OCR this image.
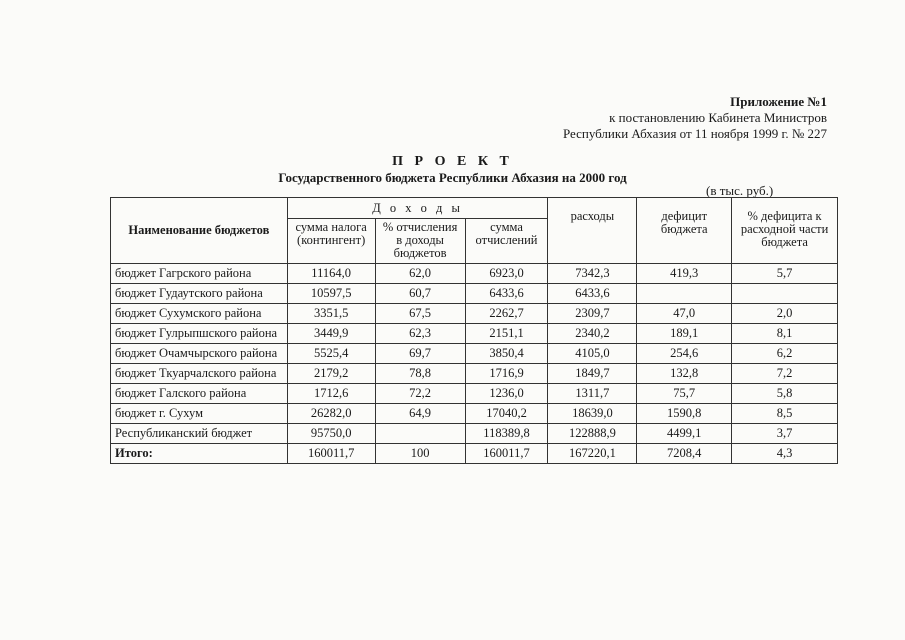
Приложение №1
к постановлению Кабинета Министров
Республики Абхазия от 11 ноября 1999 г. № 227
П Р О Е К Т
Государственного бюджета Республики Абхазия на 2000 год
(в тыс. руб.)
Наименование бюджетов	Д о х о д ы			расходы	дефицит бюджета	% дефицита к расходной части бюджета
	сумма налога (контингент)	% отчисления в доходы бюджетов	сумма отчислений			
бюджет Гагрского района	11164,0	62,0	6923,0	7342,3	419,3	5,7
бюджет Гудаутского района	10597,5	60,7	6433,6	6433,6		
бюджет Сухумского района	3351,5	67,5	2262,7	2309,7	47,0	2,0
бюджет Гулрыпшского района	3449,9	62,3	2151,1	2340,2	189,1	8,1
бюджет Очамчырского района	5525,4	69,7	3850,4	4105,0	254,6	6,2
бюджет Ткуарчалского района	2179,2	78,8	1716,9	1849,7	132,8	7,2
бюджет Галского района	1712,6	72,2	1236,0	1311,7	75,7	5,8
бюджет г. Сухум	26282,0	64,9	17040,2	18639,0	1590,8	8,5
Республиканский бюджет	95750,0		118389,8	122888,9	4499,1	3,7
Итого:	160011,7	100	160011,7	167220,1	7208,4	4,3
